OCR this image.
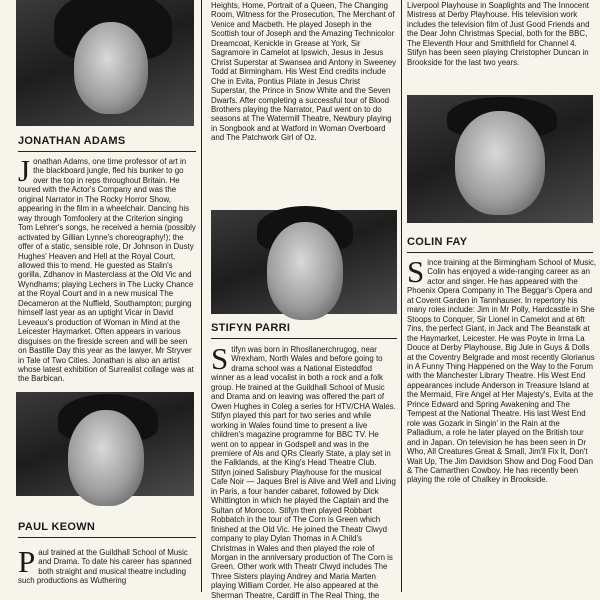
JONATHAN ADAMS
Jonathan Adams, one time professor of art in the blackboard jungle, fled his bunker to go over the top in reps throughout Britain. He toured with the Actor's Company and was the original Narrator in The Rocky Horror Show, appearing in the film in a wheelchair. Dancing his way through Tomfoolery at the Criterion singing Tom Lehrer's songs, he received a hernia (possibly activated by Gillian Lynne's choreography!); the offer of a static, sensible role, Dr Johnson in Dusty Hughes' Heaven and Hell at the Royal Court, allowed this to mend. He guested as Stalin's gorilla, Zdhanov in Masterclass at the Old Vic and Wyndhams; playing Lechers in The Lucky Chance at the Royal Court and in a new musical The Decameron at the Nuffield, Southampton; purging himself last year as an uptight Vicar in David Leveaux's production of Woman in Mind at the Leicester Haymarket. Often appears in various disguises on the fireside screen and will be seen on Bastille Day this year as the lawyer, Mr Stryver in Tale of Two Cities. Jonathan is also an artist whose latest exhibition of Surrealist collage was at the Barbican.
PAUL KEOWN
Paul trained at the Guildhall School of Music and Drama. To date his career has spanned both straight and musical theatre including such productions as Wuthering
Heights, Home, Portrait of a Queen, The Changing Room, Witness for the Prosecution, The Merchant of Venice and Macbeth. He played Joseph in the Scottish tour of Joseph and the Amazing Technicolor Dreamcoat, Kenickle in Grease at York, Sir Sagramore in Camelot at Ipswich, Jesus in Jesus Christ Superstar at Swansea and Antony in Sweeney Todd at Birmingham. His West End credits include Che in Evita, Pontius Pilate in Jesus Christ Superstar, the Prince in Snow White and the Seven Dwarfs. After completing a successful tour of Blood Brothers playing the Narrator, Paul went on to do seasons at The Watermill Theatre, Newbury playing in Songbook and at Watford in Woman Overboard and The Patchwork Girl of Oz.
STIFYN PARRI
Stifyn was born in Rhosllanerchrugog, near Wrexham, North Wales and before going to drama school was a National Eisteddfod winner as a lead vocalist in both a rock and a folk group. He trained at the Guildhall School of Music and Drama and on leaving was offered the part of Owen Hughes in Coleg a series for HTV/CHA Wales. Stifyn played this part for two series and while working in Wales found time to present a live children's magazine programme for BBC TV. He went on to appear in Godspell and was in the premiere of Als and QRs Clearly State, a play set in the Falklands, at the King's Head Theatre Club. Stifyn joined Salisbury Playhouse for the musical Cafe Noir — Jaques Brel is Alive and Well and Living in Paris, a four hander cabaret, followed by Dick Whittington in which he played the Captain and the Sultan of Morocco. Stifyn then played Robbart Robbatch in the tour of The Corn is Green which finished at the Old Vic. He joined the Theatr Clwyd company to play Dylan Thomas in A Child's Christmas in Wales and then played the role of Morgan in the anniversary production of The Corn is Green. Other work with Theatr Clwyd includes The Three Sisters playing Andrey and Maria Marten playing William Corder. He also appeared at the Sherman Theatre, Cardiff in The Real Thing, the
Liverpool Playhouse in Soaplights and The Innocent Mistress at Derby Playhouse. His television work includes the television film of Just Good Friends and the Dear John Christmas Special, both for the BBC, The Eleventh Hour and Smithfield for Channel 4. Stifyn has been seen playing Christopher Duncan in Brookside for the last two years.
COLIN FAY
Since training at the Birmingham School of Music, Colin has enjoyed a wide-ranging career as an actor and singer. He has appeared with the Phoenix Opera Company in The Beggar's Opera and at Covent Garden in Tannhauser. In repertory his many roles include: Jim in Mr Polly, Hardcastle in She Stoops to Conquer, Sir Lionel in Camelot and at 6ft 7ins, the perfect Giant, in Jack and The Beanstalk at the Haymarket, Leicester. He was Poyte in Irma La Douce at Derby Playhouse, Big Jule in Guys & Dolls at the Coventry Belgrade and most recently Glorianus in A Funny Thing Happened on the Way to the Forum with the Manchester Library Theatre. His West End appearances include Anderson in Treasure Island at the Mermaid, Fire Angel at Her Majesty's, Evita at the Prince Edward and Spring Awakening and The Tempest at the National Theatre. His last West End role was Gozark in Singin' in the Rain at the Palladium, a role he later played on the British tour and in Japan. On television he has been seen in Dr Who, All Creatures Great & Small, Jim'll Fix It, Don't Wait Up, The Jim Davidson Show and Dog Food Dan & The Camarthen Cowboy. He has recently been playing the role of Chalkey in Brookside.
